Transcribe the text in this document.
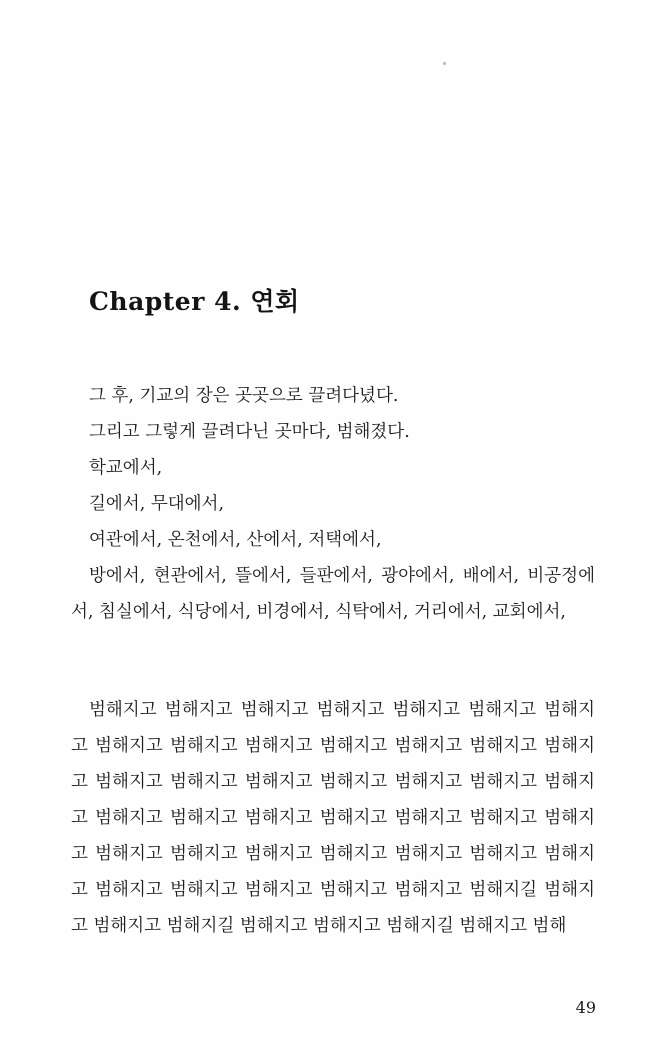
Chapter 4. 연회

그 후, 기교의 장은 곳곳으로 끌려다녔다.

그리고 그렇게 끌려다닌 곳마다, 범해졌다.

학교에서,

길에서, 무대에서,

여관에서, 온천에서, 산에서, 저택에서,

방에서, 현관에서, 뜰에서, 들판에서, 광야에서, 배에서, 비공정에서, 침실에서, 식당에서, 비경에서, 식탁에서, 거리에서, 교회에서,

범해지고 범해지고 범해지고 범해지고 범해지고 범해지고 범해지고 범해지고 범해지고 범해지고 범해지고 범해지고 범해지고 범해지고 범해지고 범해지고 범해지고 범해지고 범해지고 범해지고 범해지고 범해지고 범해지고 범해지고 범해지고 범해지고 범해지고 범해지고 범해지고 범해지고 범해지고 범해지고 범해지고 범해지고 범해지고 범해지고 범해지고 범해지고 범해지고 범해지고 범해지길 범해지고 범해지고 범해지길 범해지고 범해지고 범해지길 범해지고 범해

49
